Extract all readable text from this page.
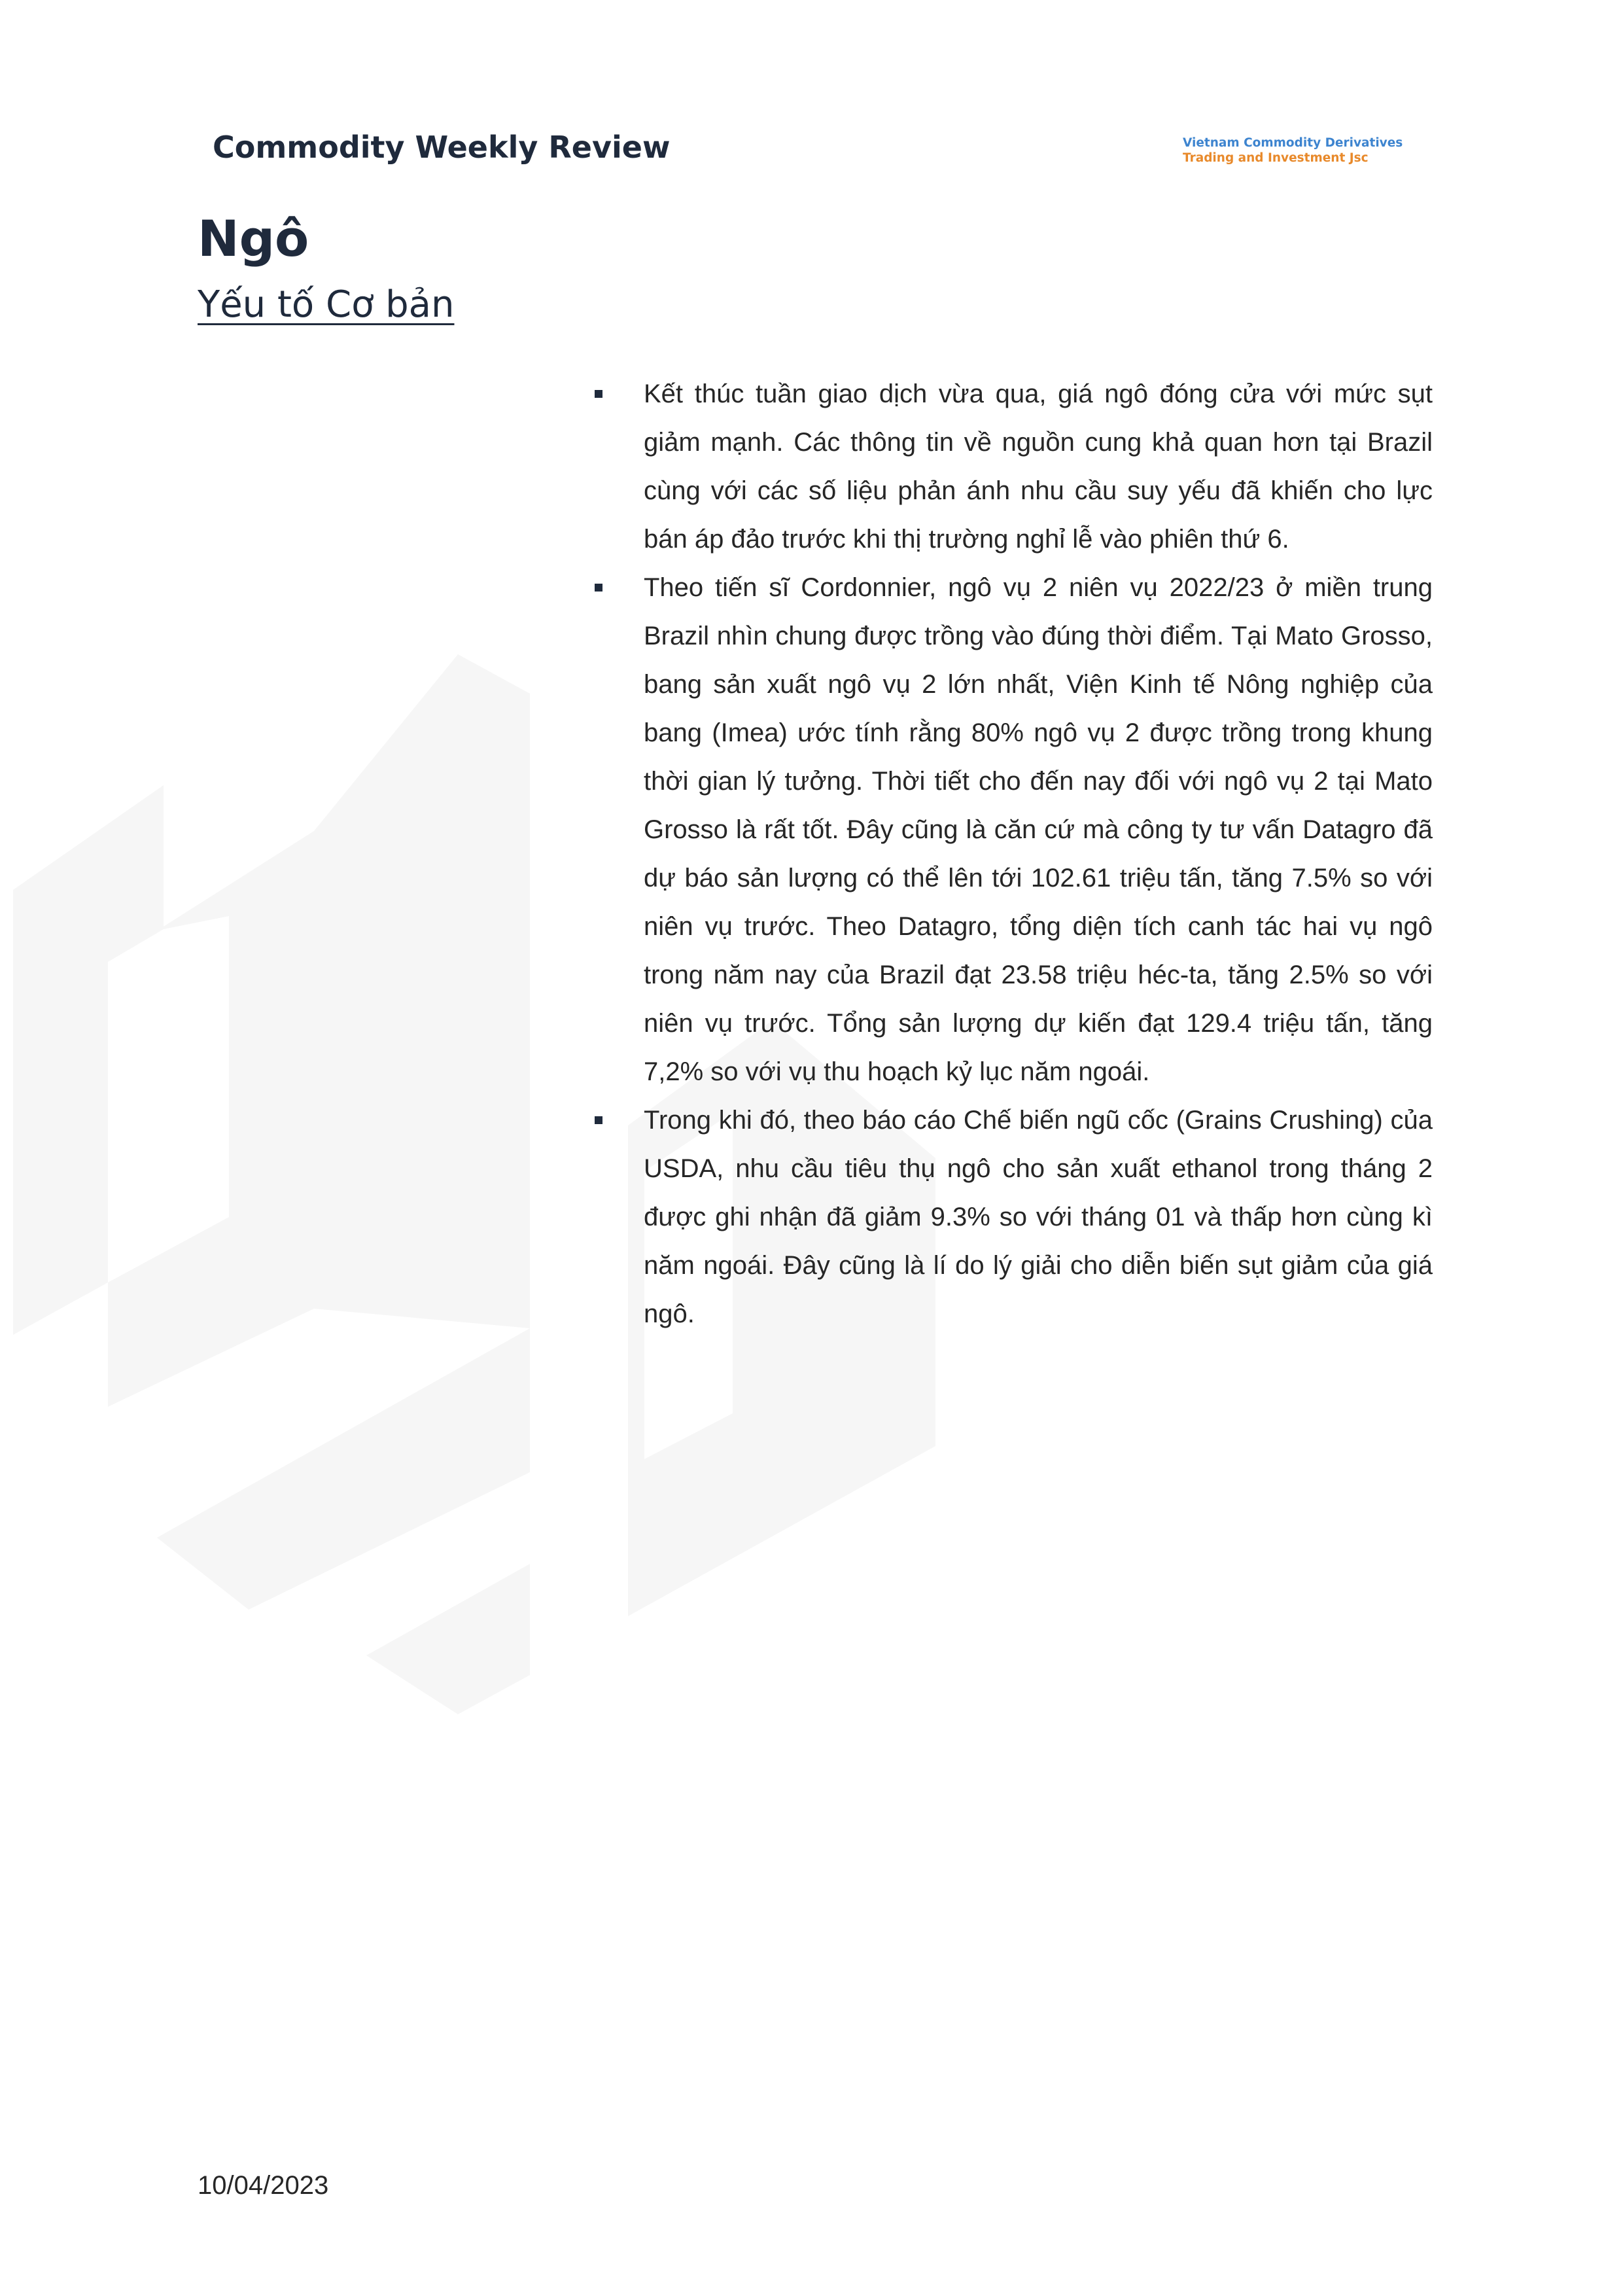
Commodity Weekly Review	Vietnam Commodity Derivatives
Trading and Investment Jsc
Ngô
Yếu tố Cơ bản
Kết thúc tuần giao dịch vừa qua, giá ngô đóng cửa với mức sụt giảm mạnh. Các thông tin về nguồn cung khả quan hơn tại Brazil cùng với các số liệu phản ánh nhu cầu suy yếu đã khiến cho lực bán áp đảo trước khi thị trường nghỉ lễ vào phiên thứ 6.
Theo tiến sĩ Cordonnier, ngô vụ 2 niên vụ 2022/23 ở miền trung Brazil nhìn chung được trồng vào đúng thời điểm. Tại Mato Grosso, bang sản xuất ngô vụ 2 lớn nhất, Viện Kinh tế Nông nghiệp của bang (Imea) ước tính rằng 80% ngô vụ 2 được trồng trong khung thời gian lý tưởng. Thời tiết cho đến nay đối với ngô vụ 2 tại Mato Grosso là rất tốt. Đây cũng là căn cứ mà công ty tư vấn Datagro đã dự báo sản lượng có thể lên tới 102.61 triệu tấn, tăng 7.5% so với niên vụ trước. Theo Datagro, tổng diện tích canh tác hai vụ ngô trong năm nay của Brazil đạt 23.58 triệu héc-ta, tăng 2.5% so với niên vụ trước. Tổng sản lượng dự kiến đạt 129.4 triệu tấn, tăng 7,2% so với vụ thu hoạch kỷ lục năm ngoái.
Trong khi đó, theo báo cáo Chế biến ngũ cốc (Grains Crushing) của USDA, nhu cầu tiêu thụ ngô cho sản xuất ethanol trong tháng 2 được ghi nhận đã giảm 9.3% so với tháng 01 và thấp hơn cùng kì năm ngoái. Đây cũng là lí do lý giải cho diễn biến sụt giảm của giá ngô.
10/04/2023
